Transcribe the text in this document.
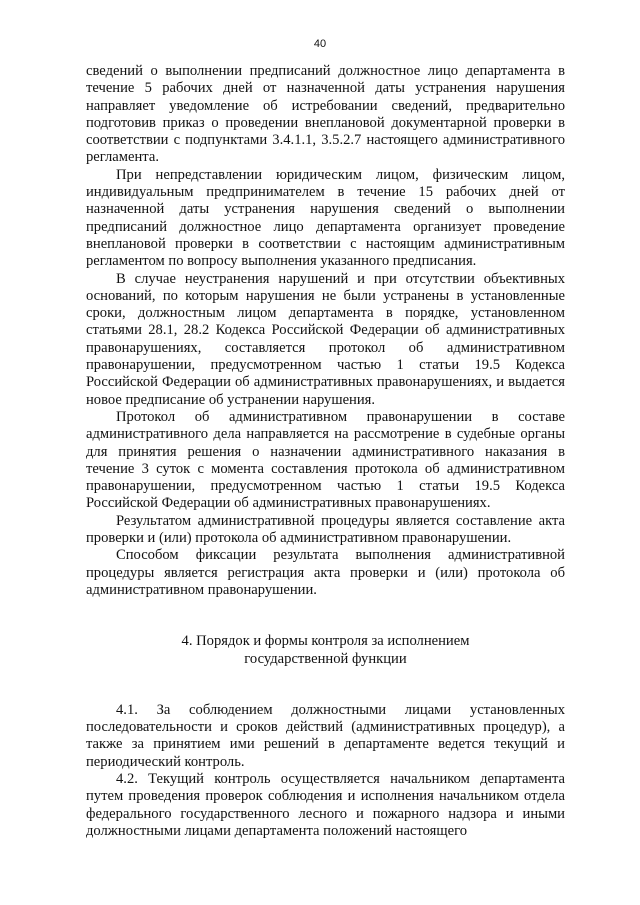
40

сведений о выполнении предписаний должностное лицо департамента в течение 5 рабочих дней от назначенной даты устранения нарушения направляет уведомление об истребовании сведений, предварительно подготовив приказ о проведении внеплановой документарной проверки в соответствии с подпунктами 3.4.1.1, 3.5.2.7 настоящего административного регламента.

При непредставлении юридическим лицом, физическим лицом, индивидуальным предпринимателем в течение 15 рабочих дней от назначенной даты устранения нарушения сведений о выполнении предписаний должностное лицо департамента организует проведение внеплановой проверки в соответствии с настоящим административным регламентом по вопросу выполнения указанного предписания.

В случае неустранения нарушений и при отсутствии объективных оснований, по которым нарушения не были устранены в установленные сроки, должностным лицом департамента в порядке, установленном статьями 28.1, 28.2 Кодекса Российской Федерации об административных правонарушениях, составляется протокол об административном правонарушении, предусмотренном частью 1 статьи 19.5 Кодекса Российской Федерации об административных правонарушениях, и выдается новое предписание об устранении нарушения.

Протокол об административном правонарушении в составе административного дела направляется на рассмотрение в судебные органы для принятия решения о назначении административного наказания в течение 3 суток с момента составления протокола об административном правонарушении, предусмотренном частью 1 статьи 19.5 Кодекса Российской Федерации об административных правонарушениях.

Результатом административной процедуры является составление акта проверки и (или) протокола об административном правонарушении.

Способом фиксации результата выполнения административной процедуры является регистрация акта проверки и (или) протокола об административном правонарушении.

4. Порядок и формы контроля за исполнением
государственной функции

4.1. За соблюдением должностными лицами установленных последовательности и сроков действий (административных процедур), а также за принятием ими решений в департаменте ведется текущий и периодический контроль.

4.2. Текущий контроль осуществляется начальником департамента путем проведения проверок соблюдения и исполнения начальником отдела федерального государственного лесного и пожарного надзора и иными должностными лицами департамента положений настоящего
